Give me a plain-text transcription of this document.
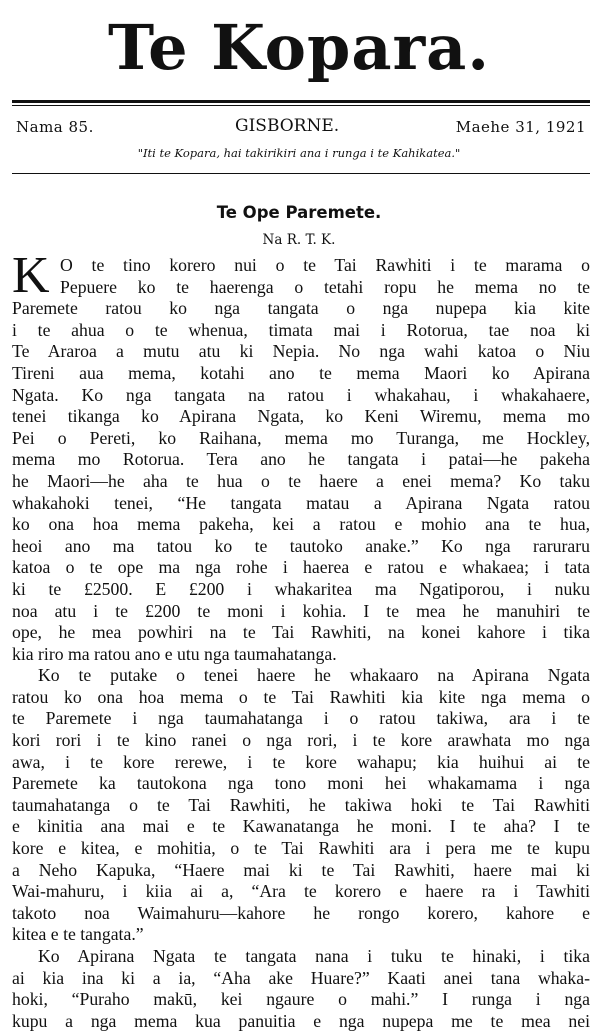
Te Kopara.
Nama 85.	GISBORNE.	Maehe 31, 1921
"Iti te Kopara, hai takirikiri ana i runga i te Kahikatea."
Te Ope Paremete.
Na R. T. K.
K O te tino korero nui o te Tai Rawhiti i te marama o
Pepuere ko te haerenga o tetahi ropu he mema no te
Paremete ratou ko nga tangata o nga nupepa kia kite
i te ahua o te whenua, timata mai i Rotorua, tae noa ki
Te Araroa a mutu atu ki Nepia. No nga wahi katoa o Niu
Tireni aua mema, kotahi ano te mema Maori ko Apirana
Ngata. Ko nga tangata na ratou i whakahau, i whakahaere,
tenei tikanga ko Apirana Ngata, ko Keni Wiremu, mema mo
Pei o Pereti, ko Raihana, mema mo Turanga, me Hockley,
mema mo Rotorua. Tera ano he tangata i patai—he pakeha
he Maori—he aha te hua o te haere a enei mema? Ko taku
whakahoki tenei, “He tangata matau a Apirana Ngata ratou
ko ona hoa mema pakeha, kei a ratou e mohio ana te hua,
heoi ano ma tatou ko te tautoko anake.” Ko nga raruraru
katoa o te ope ma nga rohe i haerea e ratou e whakaea; i tata
ki te £2500. E £200 i whakaritea ma Ngatiporou, i nuku
noa atu i te £200 te moni i kohia. I te mea he manuhiri te
ope, he mea powhiri na te Tai Rawhiti, na konei kahore i tika
kia riro ma ratou ano e utu nga taumahatanga.
Ko te putake o tenei haere he whakaaro na Apirana Ngata
ratou ko ona hoa mema o te Tai Rawhiti kia kite nga mema o
te Paremete i nga taumahatanga i o ratou takiwa, ara i te
kori rori i te kino ranei o nga rori, i te kore arawhata mo nga
awa, i te kore rerewe, i te kore wahapu; kia huihui ai te
Paremete ka tautokona nga tono moni hei whakamama i nga
taumahatanga o te Tai Rawhiti, he takiwa hoki te Tai Rawhiti
e kinitia ana mai e te Kawanatanga he moni. I te aha? I te
kore e kitea, e mohitia, o te Tai Rawhiti ara i pera me te kupu
a Neho Kapuka, “Haere mai ki te Tai Rawhiti, haere mai ki
Wai-mahuru, i kiia ai a, “Ara te korero e haere ra i Tawhiti
takoto noa Waimahuru—kahore he rongo korero, kahore e
kitea e te tangata.”
Ko Apirana Ngata te tangata nana i tuku te hinaki, i tika
ai kia ina ki a ia, “Aha ake Huare?” Kaati anei tana whaka-
hoki, “Puraho makū, kei ngaure o mahi.” I runga i nga
kupu a nga mema kua panuitia e nga nupepa me te mea nei
